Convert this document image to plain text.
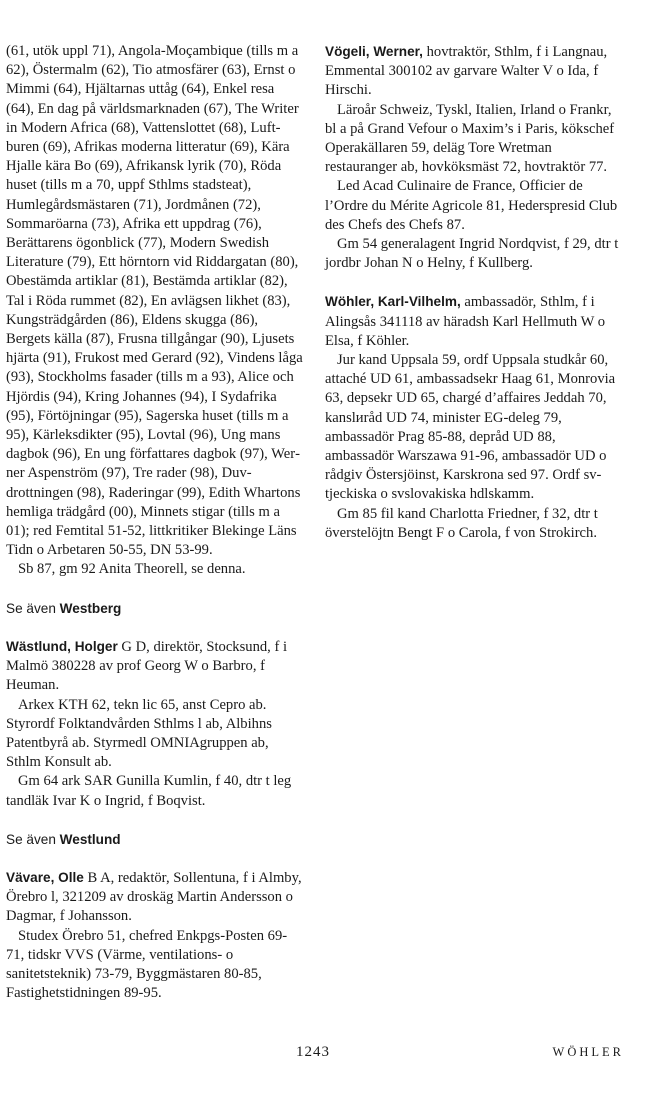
(61, utök uppl 71), Angola-Moçambique (tills m a 62), Östermalm (62), Tio atmosfärer (63), Ernst o Mimmi (64), Hjältarnas uttåg (64), Enkel resa (64), En dag på världsmarknaden (67), The Writer in Modern Africa (68), Vattenslottet (68), Luftburen (69), Afrikas moderna litteratur (69), Kära Hjalle kära Bo (69), Afrikansk lyrik (70), Röda huset (tills m a 70, uppf Sthlms stadsteat), Humlegårdsmästaren (71), Jordmånen (72), Sommaröarna (73), Afrika ett uppdrag (76), Berättarens ögonblick (77), Modern Swedish Literature (79), Ett hörntorn vid Riddargatan (80), Obestämda artiklar (81), Bestämda artiklar (82), Tal i Röda rummet (82), En avlägsen likhet (83), Kungsträdgården (86), Eldens skugga (86), Bergets källa (87), Frusna tillgångar (90), Ljusets hjärta (91), Frukost med Gerard (92), Vindens låga (93), Stockholms fasader (tills m a 93), Alice och Hjördis (94), Kring Johannes (94), I Sydafrika (95), Förtöjningar (95), Sagerska huset (tills m a 95), Kärleksdikter (95), Lovtal (96), Ung mans dagbok (96), En ung författares dagbok (97), Werner Aspenström (97), Tre rader (98), Duvdrottningen (98), Raderingar (99), Edith Whartons hemliga trädgård (00), Minnets stigar (tills m a 01); red Femtital 51-52, littkritiker Blekinge Läns Tidn o Arbetaren 50-55, DN 53-99.

Sb 87, gm 92 Anita Theorell, se denna.

Se även Westberg

Wästlund, Holger G D, direktör, Stocksund, f i Malmö 380228 av prof Georg W o Barbro, f Heuman.

Arkex KTH 62, tekn lic 65, anst Cepro ab. Styrordf Folktandvården Sthlms l ab, Albihns Patentbyrå ab. Styrmedl OMNIAgruppen ab, Sthlm Konsult ab.

Gm 64 ark SAR Gunilla Kumlin, f 40, dtr t leg tandläk Ivar K o Ingrid, f Boqvist.

Se även Westlund

Vävare, Olle B A, redaktör, Sollentuna, f i Almby, Örebro l, 321209 av droskäg Martin Andersson o Dagmar, f Johansson.

Studex Örebro 51, chefred Enkpgs-Posten 69-71, tidskr VVS (Värme, ventilations- o sanitetsteknik) 73-79, Byggmästaren 80-85, Fastighetstidningen 89-95.

Vögeli, Werner, hovtraktör, Sthlm, f i Langnau, Emmental 300102 av garvare Walter V o Ida, f Hirschi.

Läroår Schweiz, Tyskl, Italien, Irland o Frankr, bl a på Grand Vefour o Maxim’s i Paris, kökschef Operakällaren 59, deläg Tore Wretman restauranger ab, hovköksmäst 72, hovtraktör 77.

Led Acad Culinaire de France, Officier de l’Ordre du Mérite Agricole 81, Hederspresid Club des Chefs des Chefs 87.

Gm 54 generalagent Ingrid Nordqvist, f 29, dtr t jordbr Johan N o Helny, f Kullberg.

Wöhler, Karl-Vilhelm, ambassadör, Sthlm, f i Alingsås 341118 av häradsh Karl Hellmuth W o Elsa, f Köhler.

Jur kand Uppsala 59, ordf Uppsala studkår 60, attaché UD 61, ambassadsekr Haag 61, Monrovia 63, depsekr UD 65, chargé d’affaires Jeddah 70, kanslиråd UD 74, minister EG-deleg 79, ambassadör Prag 85-88, depråd UD 88, ambassadör Warszawa 91-96, ambassadör UD o rådgiv Östersjöinst, Karskrona sed 97. Ordf sv-tjeckiska o svslovakiska hdlskamm.

Gm 85 fil kand Charlotta Friedner, f 32, dtr t överstelöjtn Bengt F o Carola, f von Strokirch.

1243	WÖHLER
